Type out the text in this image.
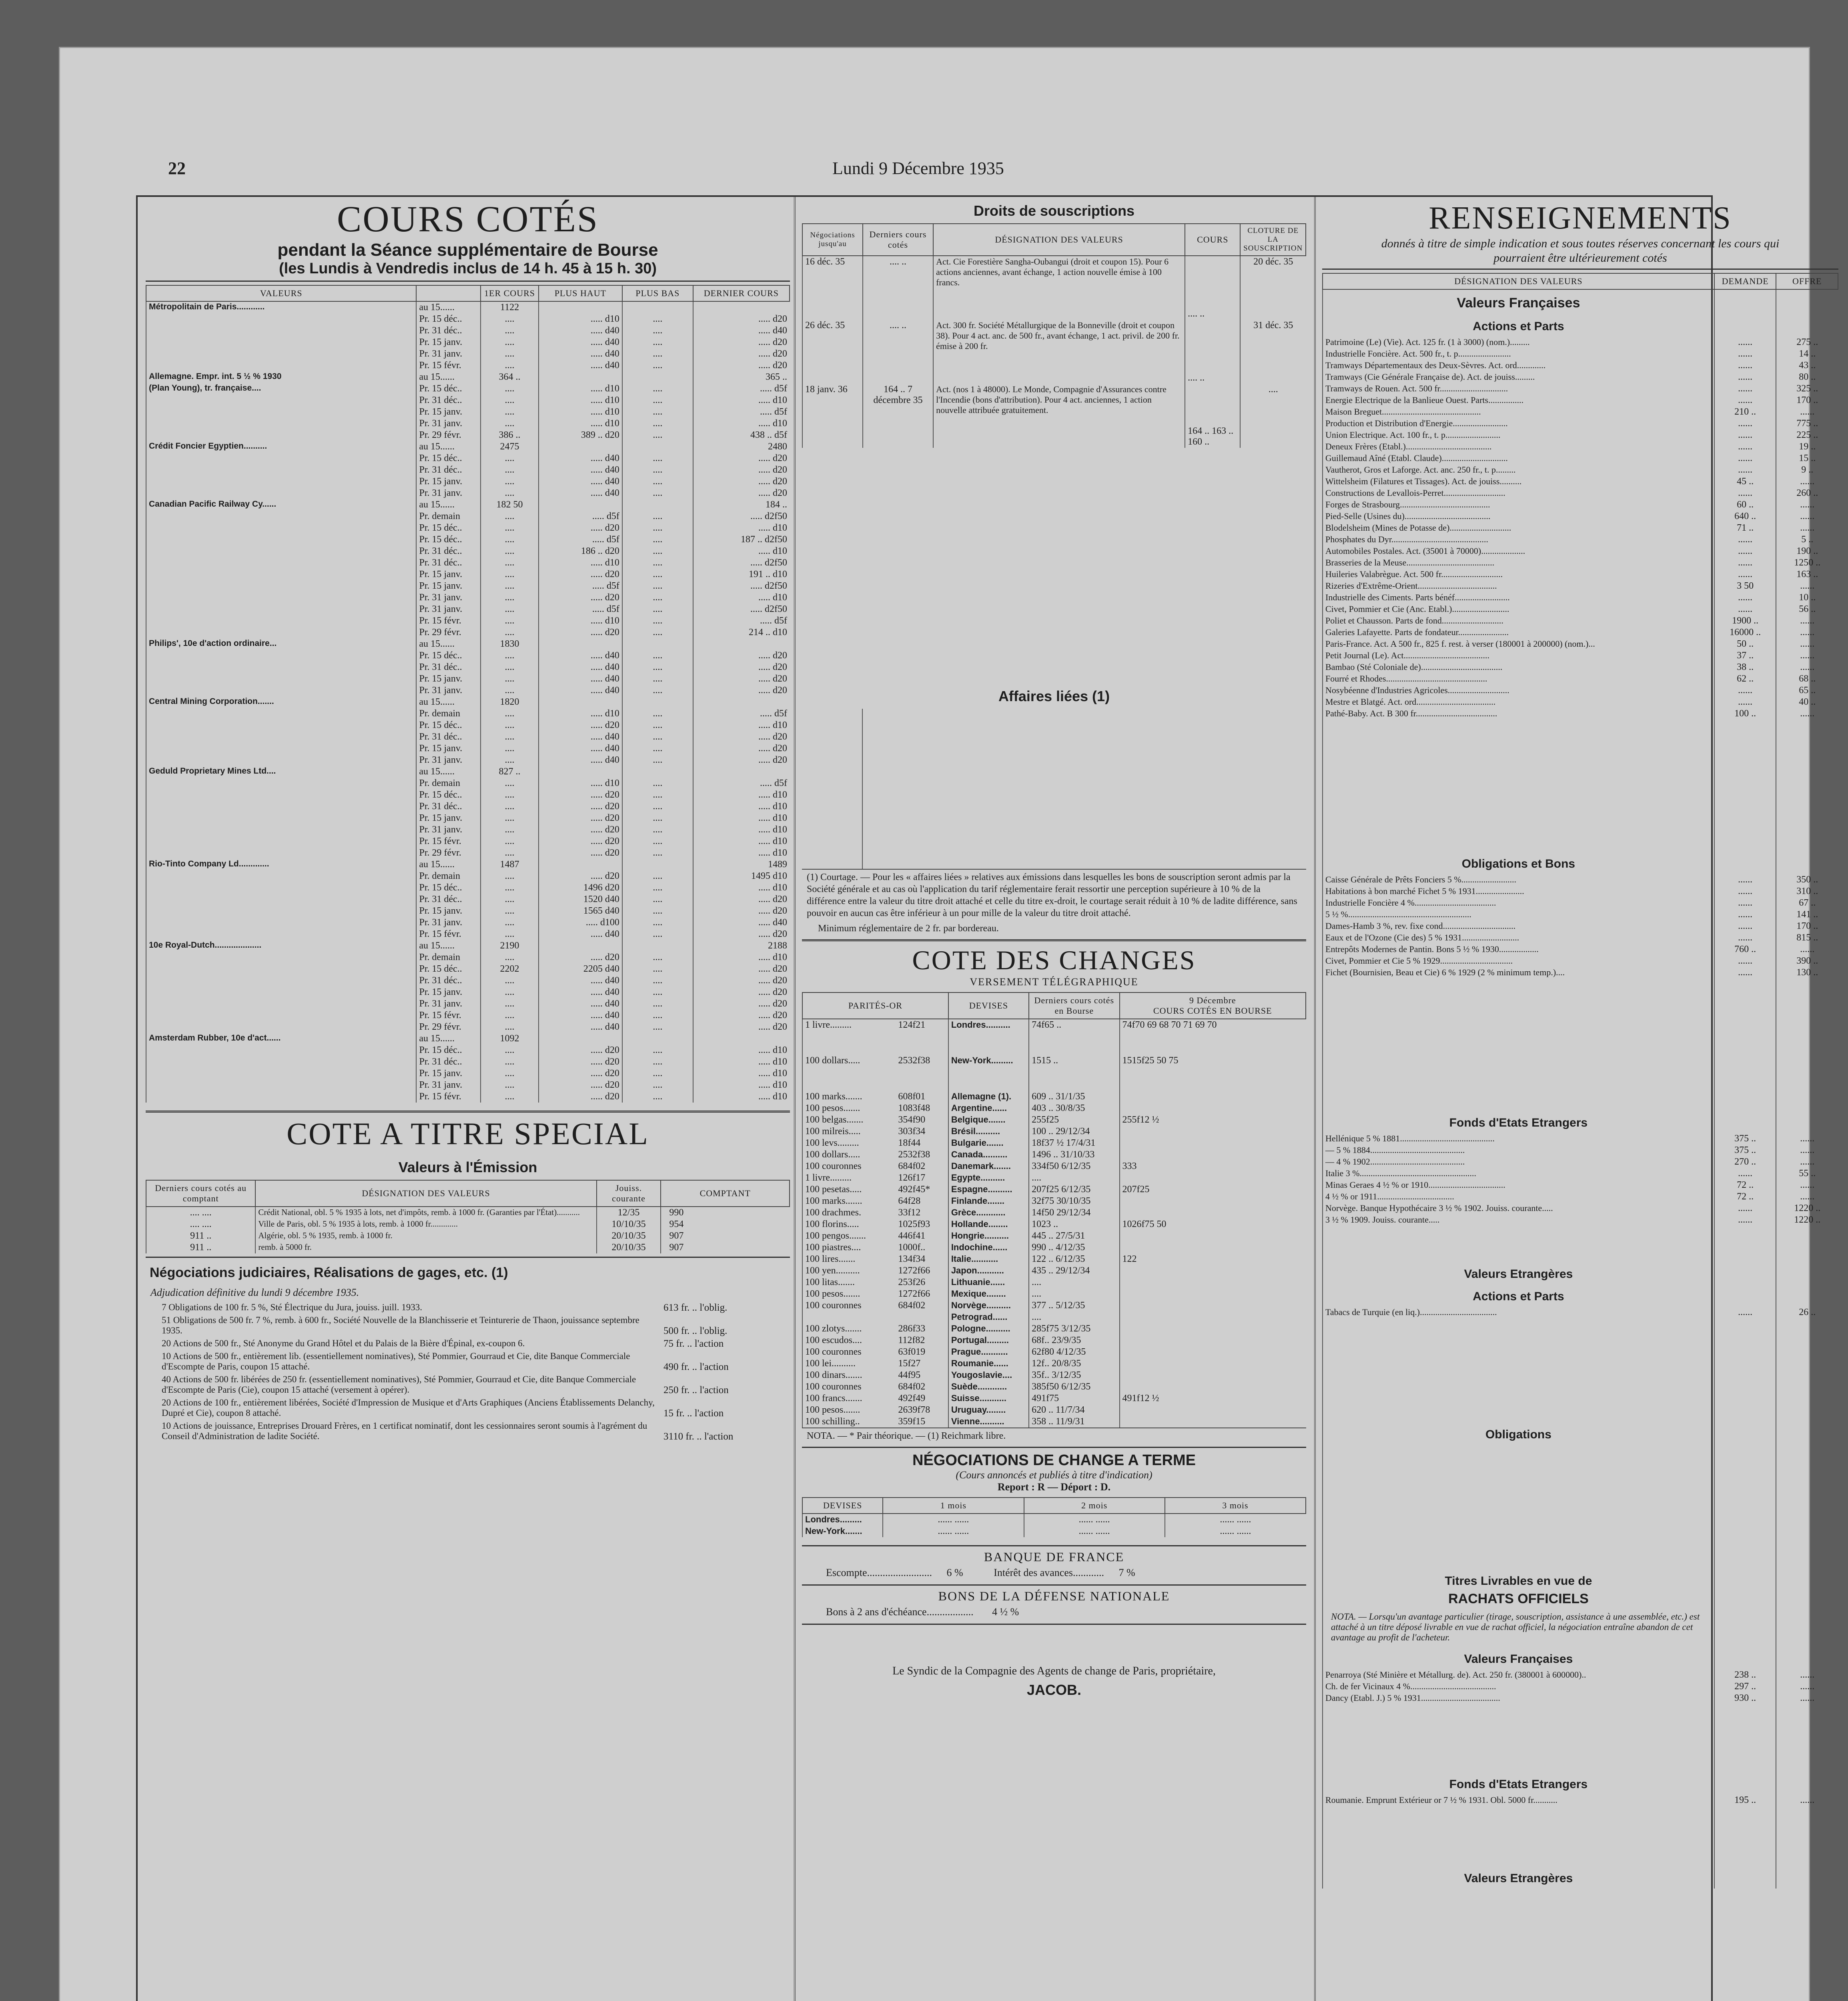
22	Lundi 9 Décembre 1935
COURS COTÉS
pendant la Séance supplémentaire de Bourse
(les Lundis à Vendredis inclus de 14 h. 45 à 15 h. 30)
VALEURS		1ER COURS	PLUS HAUT	PLUS BAS	DERNIER COURS
Métropolitain de Paris............	au 15......	1122			
	Pr. 15 déc..	....	..... d10	....	..... d20
	Pr. 31 déc..	....	..... d40	....	..... d40
	Pr. 15 janv.	....	..... d40	....	..... d20
	Pr. 31 janv.	....	..... d40	....	..... d20
	Pr. 15 févr.	....	..... d40	....	..... d20
Allemagne. Empr. int. 5 ½ % 1930	au 15......	364 ..			365 ..
(Plan Young), tr. française....	Pr. 15 déc..	....	..... d10	....	..... d5f
	Pr. 31 déc..	....	..... d10	....	..... d10
	Pr. 15 janv.	....	..... d10	....	..... d5f
	Pr. 31 janv.	....	..... d10	....	..... d10
	Pr. 29 févr.	386 ..	389 .. d20	....	438 .. d5f
Crédit Foncier Egyptien..........	au 15......	2475			2480
	Pr. 15 déc..	....	..... d40	....	..... d20
	Pr. 31 déc..	....	..... d40	....	..... d20
	Pr. 15 janv.	....	..... d40	....	..... d20
	Pr. 31 janv.	....	..... d40	....	..... d20
Canadian Pacific Railway Cy......	au 15......	182 50			184 ..
	Pr. demain	....	..... d5f	....	..... d2f50
	Pr. 15 déc..	....	..... d20	....	..... d10
	Pr. 15 déc..	....	..... d5f	....	187 .. d2f50
	Pr. 31 déc..	....	186 .. d20	....	..... d10
	Pr. 31 déc..	....	..... d10	....	..... d2f50
	Pr. 15 janv.	....	..... d20	....	191 .. d10
	Pr. 15 janv.	....	..... d5f	....	..... d2f50
	Pr. 31 janv.	....	..... d20	....	..... d10
	Pr. 31 janv.	....	..... d5f	....	..... d2f50
	Pr. 15 févr.	....	..... d10	....	..... d5f
	Pr. 29 févr.	....	..... d20	....	214 .. d10
Philips', 10e d'action ordinaire...	au 15......	1830			
	Pr. 15 déc..	....	..... d40	....	..... d20
	Pr. 31 déc..	....	..... d40	....	..... d20
	Pr. 15 janv.	....	..... d40	....	..... d20
	Pr. 31 janv.	....	..... d40	....	..... d20
Central Mining Corporation.......	au 15......	1820			
	Pr. demain	....	..... d10	....	..... d5f
	Pr. 15 déc..	....	..... d20	....	..... d10
	Pr. 31 déc..	....	..... d40	....	..... d20
	Pr. 15 janv.	....	..... d40	....	..... d20
	Pr. 31 janv.	....	..... d40	....	..... d20
Geduld Proprietary Mines Ltd....	au 15......	827 ..			
	Pr. demain	....	..... d10	....	..... d5f
	Pr. 15 déc..	....	..... d20	....	..... d10
	Pr. 31 déc..	....	..... d20	....	..... d10
	Pr. 15 janv.	....	..... d20	....	..... d10
	Pr. 31 janv.	....	..... d20	....	..... d10
	Pr. 15 févr.	....	..... d20	....	..... d10
	Pr. 29 févr.	....	..... d20	....	..... d10
Rio-Tinto Company Ld.............	au 15......	1487			1489
	Pr. demain	....	..... d20	....	1495 d10
	Pr. 15 déc..	....	1496 d20	....	..... d10
	Pr. 31 déc..	....	1520 d40	....	..... d20
	Pr. 15 janv.	....	1565 d40	....	..... d20
	Pr. 31 janv.	....	..... d100	....	..... d40
	Pr. 15 févr.	....	..... d40	....	..... d20
10e Royal-Dutch....................	au 15......	2190			2188
	Pr. demain	....	..... d20	....	..... d10
	Pr. 15 déc..	2202	2205 d40	....	..... d20
	Pr. 31 déc..	....	..... d40	....	..... d20
	Pr. 15 janv.	....	..... d40	....	..... d20
	Pr. 31 janv.	....	..... d40	....	..... d20
	Pr. 15 févr.	....	..... d40	....	..... d20
	Pr. 29 févr.	....	..... d40	....	..... d20
Amsterdam Rubber, 10e d'act......	au 15......	1092			
	Pr. 15 déc..	....	..... d20	....	..... d10
	Pr. 31 déc..	....	..... d20	....	..... d10
	Pr. 15 janv.	....	..... d20	....	..... d10
	Pr. 31 janv.	....	..... d20	....	..... d10
	Pr. 15 févr.	....	..... d20	....	..... d10
COTE A TITRE SPECIAL
Valeurs à l'Émission
Derniers cours cotés au comptant	DÉSIGNATION DES VALEURS	Jouiss. courante	COMPTANT
.... ....	Crédit National, obl. 5 % 1935 à lots, net d'impôts, remb. à 1000 fr. (Garanties par l'État)...........	12/35	990
.... ....	Ville de Paris, obl. 5 % 1935 à lots, remb. à 1000 fr.............	10/10/35	954
911 ..	Algérie, obl. 5 % 1935, remb. à 1000 fr.	20/10/35	907
911 ..	remb. à 5000 fr.	20/10/35	907
Négociations judiciaires, Réalisations de gages, etc. (1)
Adjudication définitive du lundi 9 décembre 1935.
7 Obligations de 100 fr. 5 %, Sté Électrique du Jura, jouiss. juill. 1933.	613 fr. .. l'oblig.
51 Obligations de 500 fr. 7 %, remb. à 600 fr., Société Nouvelle de la Blanchisserie et Teinturerie de Thaon, jouissance septembre 1935.	500 fr. .. l'oblig.
20 Actions de 500 fr., Sté Anonyme du Grand Hôtel et du Palais de la Bière d'Épinal, ex-coupon 6.	75 fr. .. l'action
10 Actions de 500 fr., entièrement lib. (essentiellement nominatives), Sté Pommier, Gourraud et Cie, dite Banque Commerciale d'Escompte de Paris, coupon 15 attaché.	490 fr. .. l'action
40 Actions de 500 fr. libérées de 250 fr. (essentiellement nominatives), Sté Pommier, Gourraud et Cie, dite Banque Commerciale d'Escompte de Paris (Cie), coupon 15 attaché (versement à opérer).	250 fr. .. l'action
20 Actions de 100 fr., entièrement libérées, Société d'Impression de Musique et d'Arts Graphiques (Anciens Établissements Delanchy, Dupré et Cie), coupon 8 attaché.	15 fr. .. l'action
10 Actions de jouissance, Entreprises Drouard Frères, en 1 certificat nominatif, dont les cessionnaires seront soumis à l'agrément du Conseil d'Administration de ladite Société.	3110 fr. .. l'action
Droits de souscriptions
Négociations jusqu'au	Derniers cours cotés	DÉSIGNATION DES VALEURS	COURS	CLOTURE DE LA SOUSCRIPTION
16 déc. 35	.... ..	Act. Cie Forestière Sangha-Oubangui (droit et coupon 15). Pour 6 actions anciennes, avant échange, 1 action nouvelle émise à 100 francs.	.... ..	20 déc. 35
26 déc. 35	.... ..	Act. 300 fr. Société Métallurgique de la Bonneville (droit et coupon 38). Pour 4 act. anc. de 500 fr., avant échange, 1 act. privil. de 200 fr. émise à 200 fr.	.... ..	31 déc. 35
18 janv. 36	164 .. 7 décembre 35	Act. (nos 1 à 48000). Le Monde, Compagnie d'Assurances contre l'Incendie (bons d'attribution). Pour 4 act. anciennes, 1 action nouvelle attribuée gratuitement.	164 .. 163 .. 160 ..	....
Affaires liées (1)
(1) Courtage. — Pour les « affaires liées » relatives aux émissions dans lesquelles les bons de souscription seront admis par la Société générale et au cas où l'application du tarif réglementaire ferait ressortir une perception supérieure à 10 % de la différence entre la valeur du titre droit attaché et celle du titre ex-droit, le courtage serait réduit à 10 % de ladite différence, sans pouvoir en aucun cas être inférieur à un pour mille de la valeur du titre droit attaché.
Minimum réglementaire de 2 fr. par bordereau.
COTE DES CHANGES
VERSEMENT TÉLÉGRAPHIQUE
PARITÉS-OR		DEVISES	Derniers cours cotés en Bourse	9 Décembre
COURS COTÉS EN BOURSE

1 livre.........	124f21	Londres..........	74f65 ..	74f70 69 68 70 71 69 70
100 dollars.....	2532f38	New-York.........	1515 ..	1515f25 50 75
100 marks.......	608f01	Allemagne (1).	609 .. 31/1/35	
100 pesos.......	1083f48	Argentine......	403 .. 30/8/35	
100 belgas.......	354f90	Belgique.......	255f25	255f12 ½
100 milreis.....	303f34	Brésil..........	100 .. 29/12/34	
100 levs.........	18f44	Bulgarie.......	18f37 ½ 17/4/31	
100 dollars.....	2532f38	Canada..........	1496 .. 31/10/33	
100 couronnes	684f02	Danemark.......	334f50 6/12/35	333
1 livre.........	126f17	Egypte..........	....	
100 pesetas.....	492f45*	Espagne..........	207f25 6/12/35	207f25
100 marks.......	64f28	Finlande.......	32f75 30/10/35	
100 drachmes.	33f12	Grèce............	14f50 29/12/34	
100 florins.....	1025f93	Hollande........	1023 ..	1026f75 50
100 pengos.......	446f41	Hongrie..........	445 .. 27/5/31	
100 piastres....	1000f..	Indochine......	990 .. 4/12/35	
100 lires.......	134f34	Italie...........	122 .. 6/12/35	122
100 yen..........	1272f66	Japon...........	435 .. 29/12/34	
100 litas.......	253f26	Lithuanie......	....	
100 pesos.......	1272f66	Mexique........	....	
100 couronnes	684f02	Norvège..........	377 .. 5/12/35	
		Petrograd......	....	
100 zlotys.......	286f33	Pologne..........	285f75 3/12/35	
100 escudos....	112f82	Portugal.........	68f.. 23/9/35	
100 couronnes	63f019	Prague...........	62f80 4/12/35	
100 lei..........	15f27	Roumanie......	12f.. 20/8/35	
100 dinars.......	44f95	Yougoslavie....	35f.. 3/12/35	
100 couronnes	684f02	Suède............	385f50 6/12/35	
100 francs.......	492f49	Suisse...........	491f75	491f12 ½
100 pesos.......	2639f78	Uruguay........	620 .. 11/7/34	
100 schilling..	359f15	Vienne..........	358 .. 11/9/31	
NOTA. — * Pair théorique. — (1) Reichmark libre.
NÉGOCIATIONS DE CHANGE A TERME
(Cours annoncés et publiés à titre d'indication)
Report : R — Déport : D.
DEVISES	1 mois	2 mois	3 mois
Londres.........	...... ......	...... ......	...... ......
New-York.......	...... ......	...... ......	...... ......
BANQUE DE FRANCE
Escompte......................... 6 %	Intérêt des avances............ 7 %
BONS DE LA DÉFENSE NATIONALE
Bons à 2 ans d'échéance.................. 4 ½ %
Le Syndic de la Compagnie des Agents de change de Paris, propriétaire,
JACOB.
RENSEIGNEMENTS
donnés à titre de simple indication et sous toutes réserves concernant les cours qui pourraient être ultérieurement cotés
DÉSIGNATION DES VALEURS	DEMANDE	OFFRE
Valeurs Françaises		
Actions et Parts		
Patrimoine (Le) (Vie). Act. 125 fr. (1 à 3000) (nom.).........	......	275 ..
Industrielle Foncière. Act. 500 fr., t. p........................	......	14 ..
Tramways Départementaux des Deux-Sèvres. Act. ord.............	......	43 ..
Tramways (Cie Générale Française de). Act. de jouiss.........	......	80 ..
Tramways de Rouen. Act. 500 fr...............................	......	325 ..
Energie Electrique de la Banlieue Ouest. Parts................	......	170 ..
Maison Breguet.............................................	210 ..	......
Production et Distribution d'Energie.........................	......	775 ..
Union Electrique. Act. 100 fr., t. p.........................	......	225 ..
Deneux Frères (Etabl.).......................................	......	19 ..
Guillemaud Aîné (Etabl. Claude)..............................	......	15 ..
Vautherot, Gros et Laforge. Act. anc. 250 fr., t. p.........	......	9 ..
Wittelsheim (Filatures et Tissages). Act. de jouiss..........	45 ..	......
Constructions de Levallois-Perret............................	......	260 ..
Forges de Strasbourg.........................................	60 ..	......
Pied-Selle (Usines du).......................................	640 ..	......
Blodelsheim (Mines de Potasse de)............................	71 ..	......
Phosphates du Dyr............................................	......	5 ..
Automobiles Postales. Act. (35001 à 70000)....................	......	190 ..
Brasseries de la Meuse........................................	......	1250 ..
Huileries Valabrègue. Act. 500 fr............................	......	163 ..
Rizeries d'Extrême-Orient....................................	3 50	......
Industrielle des Ciments. Parts bénéf.........................	......	10 ..
Civet, Pommier et Cie (Anc. Etabl.)..........................	......	56 ..
Poliet et Chausson. Parts de fond............................	1900 ..	......
Galeries Lafayette. Parts de fondateur.......................	16000 ..	......
Paris-France. Act. A 500 fr., 825 f. rest. à verser (180001 à 200000) (nom.)...	50 ..	......
Petit Journal (Le). Act.......................................	37 ..	......
Bambao (Sté Coloniale de).....................................	38 ..	......
Fourré et Rhodes..............................................	62 ..	68 ..
Nosybéenne d'Industries Agricoles............................	......	65 ..
Mestre et Blatgé. Act. ord....................................	......	40 ..
Pathé-Baby. Act. B 300 fr.....................................	100 ..	......

Obligations et Bons		
Caisse Générale de Prêts Fonciers 5 %.........................	......	350 ..
Habitations à bon marché Fichet 5 % 1931......................	......	310 ..
Industrielle Foncière 4 %.....................................	......	67 ..
5 ½ %........................................................	......	141 ..
Dames-Hamb 3 %, rev. fixe cond.................................	......	170 ..
Eaux et de l'Ozone (Cie des) 5 % 1931..........................	......	815 ..
Entrepôts Modernes de Pantin. Bons 5 ½ % 1930..................	760 ..	......
Civet, Pommier et Cie 5 % 1929.................................	......	390 ..
Fichet (Bournisien, Beau et Cie) 6 % 1929 (2 % minimum temp.)....	......	130 ..

Fonds d'Etats Etrangers		
Hellénique 5 % 1881...........................................	375 ..	......
— 5 % 1884...........................................	375 ..	......
— 4 % 1902...........................................	270 ..	......
Italie 3 %.....................................................	......	55 ..
Minas Geraes 4 ½ % or 1910...................................	72 ..	......
4 ½ % or 1911...................................	72 ..	......
Norvège. Banque Hypothécaire 3 ½ % 1902. Jouiss. courante.....	......	1220 ..
3 ½ % 1909. Jouiss. courante.....	......	1220 ..

Valeurs Etrangères		
Actions et Parts		
Tabacs de Turquie (en liq.)...................................	......	26 ..

Obligations		

Titres Livrables en vue de		
RACHATS OFFICIELS		
NOTA. — Lorsqu'un avantage particulier (tirage, souscription, assistance à une assemblée, etc.) est attaché à un titre déposé livrable en vue de rachat officiel, la négociation entraîne abandon de cet avantage au profit de l'acheteur.		
Valeurs Françaises		
Penarroya (Sté Minière et Métallurg. de). Act. 250 fr. (380001 à 600000)..	238 ..	......
Ch. de fer Vicinaux 4 %.......................................	297 ..	......
Dancy (Etabl. J.) 5 % 1931....................................	930 ..	......

Fonds d'Etats Etrangers		
Roumanie. Emprunt Extérieur or 7 ½ % 1931. Obl. 5000 fr...........	195 ..	......

Valeurs Etrangères		
